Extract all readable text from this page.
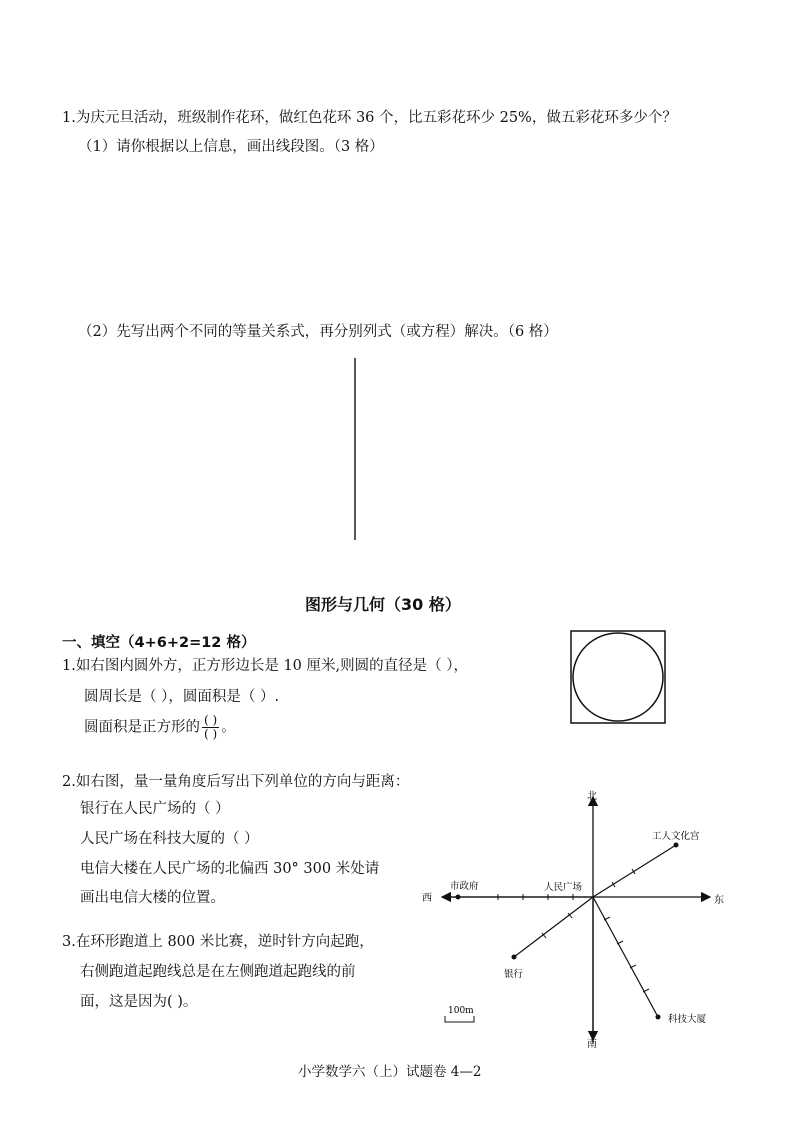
1.为庆元旦活动，班级制作花环，做红色花环 36 个，比五彩花环少 25%，做五彩花环多少个？
（1）请你根据以上信息，画出线段图。（3 格）
（2）先写出两个不同的等量关系式，再分别列式（或方程）解决。（6 格）
图形与几何（30 格）
一、填空（4+6+2=12 格）
1.如右图内圆外方，正方形边长是 10 厘米,则圆的直径是（ ），
圆周长是（ ），圆面积是（ ）.
圆面积是正方形的 $\frac{( )}{( )}$ 。
2.如右图，量一量角度后写出下列单位的方向与距离：
银行在人民广场的（ ）
人民广场在科技大厦的（ ）
电信大楼在人民广场的北偏西 30° 300 米处请
画出电信大楼的位置。
3.在环形跑道上 800 米比赛，逆时针方向起跑，
右侧跑道起跑线总是在左侧跑道起跑线的前
面，这是因为( )。
北
南
东
西
市政府	人民广场
工人文化宫
银行
科技大厦
100m
小学数学六（上）试题卷 4—2
